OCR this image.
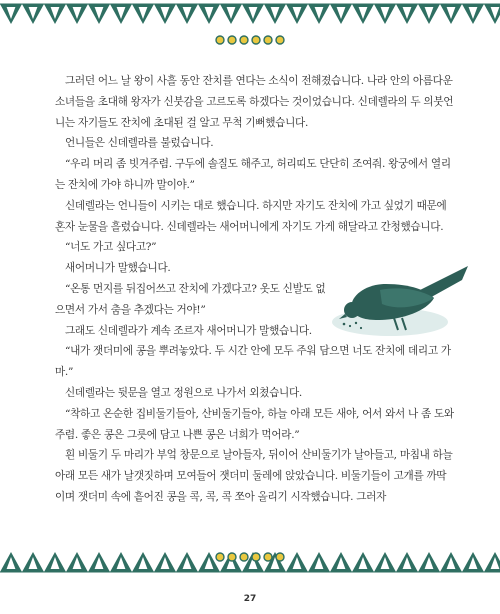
그러던 어느 날 왕이 사흘 동안 잔치를 연다는 소식이 전해졌습니다. 나라 안의 아름다운 소녀들을 초대해 왕자가 신붓감을 고르도록 하겠다는 것이었습니다. 신데렐라의 두 의붓언니는 자기들도 잔치에 초대된 걸 알고 무척 기뻐했습니다.

언니들은 신데렐라를 불렀습니다.

“우리 머리 좀 빗겨주렴. 구두에 솔질도 해주고, 허리띠도 단단히 조여줘. 왕궁에서 열리는 잔치에 가야 하니까 말이야.”

신데렐라는 언니들이 시키는 대로 했습니다. 하지만 자기도 잔치에 가고 싶었기 때문에 혼자 눈물을 흘렸습니다. 신데렐라는 새어머니에게 자기도 가게 해달라고 간청했습니다.

“너도 가고 싶다고?”

새어머니가 말했습니다.

“온통 먼지를 뒤집어쓰고 잔치에 가겠다고? 옷도 신발도 없으면서 가서 춤을 추겠다는 거야!”

그래도 신데렐라가 계속 조르자 새어머니가 말했습니다.

“내가 잿더미에 콩을 뿌려놓았다. 두 시간 안에 모두 주워 담으면 너도 잔치에 데리고 가마.”

신데렐라는 뒷문을 열고 정원으로 나가서 외쳤습니다.

“착하고 온순한 집비둘기들아, 산비둘기들아, 하늘 아래 모든 새야, 어서 와서 나 좀 도와주렴. 좋은 콩은 그릇에 담고 나쁜 콩은 너희가 먹어라.”

흰 비둘기 두 마리가 부엌 창문으로 날아들자, 뒤이어 산비둘기가 날아들고, 마침내 하늘 아래 모든 새가 날갯짓하며 모여들어 잿더미 둘레에 앉았습니다. 비둘기들이 고개를 까딱이며 잿더미 속에 흩어진 콩을 콕, 콕, 콕 쪼아 올리기 시작했습니다. 그러자

27
